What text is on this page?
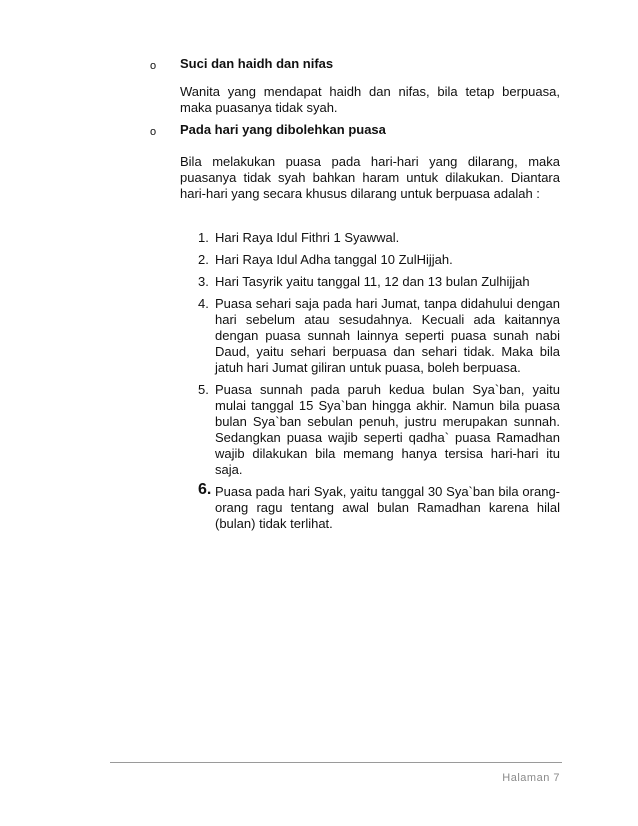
o Suci dan haidh dan nifas
Wanita yang mendapat haidh dan nifas, bila tetap berpuasa, maka puasanya tidak syah.
o Pada hari yang dibolehkan puasa
Bila melakukan puasa pada hari-hari yang dilarang, maka puasanya tidak syah bahkan haram untuk dilakukan. Diantara hari-hari yang secara khusus dilarang untuk berpuasa adalah :
1. Hari Raya Idul Fithri 1 Syawwal.
2. Hari Raya Idul Adha tanggal 10 ZulHijjah.
3. Hari Tasyrik yaitu tanggal 11, 12 dan 13 bulan Zulhijjah
4. Puasa sehari saja pada hari Jumat, tanpa didahului dengan hari sebelum atau sesudahnya. Kecuali ada kaitannya dengan puasa sunnah lainnya seperti puasa sunah nabi Daud, yaitu sehari berpuasa dan sehari tidak. Maka bila jatuh hari Jumat giliran untuk puasa, boleh berpuasa.
5. Puasa sunnah pada paruh kedua bulan Sya`ban, yaitu mulai tanggal 15 Sya`ban hingga akhir. Namun bila puasa bulan Sya`ban sebulan penuh, justru merupakan sunnah. Sedangkan puasa wajib seperti qadha` puasa Ramadhan wajib dilakukan bila memang hanya tersisa hari-hari itu saja.
6. Puasa pada hari Syak, yaitu tanggal 30 Sya`ban bila orang-orang ragu tentang awal bulan Ramadhan karena hilal (bulan) tidak terlihat.
Halaman 7
